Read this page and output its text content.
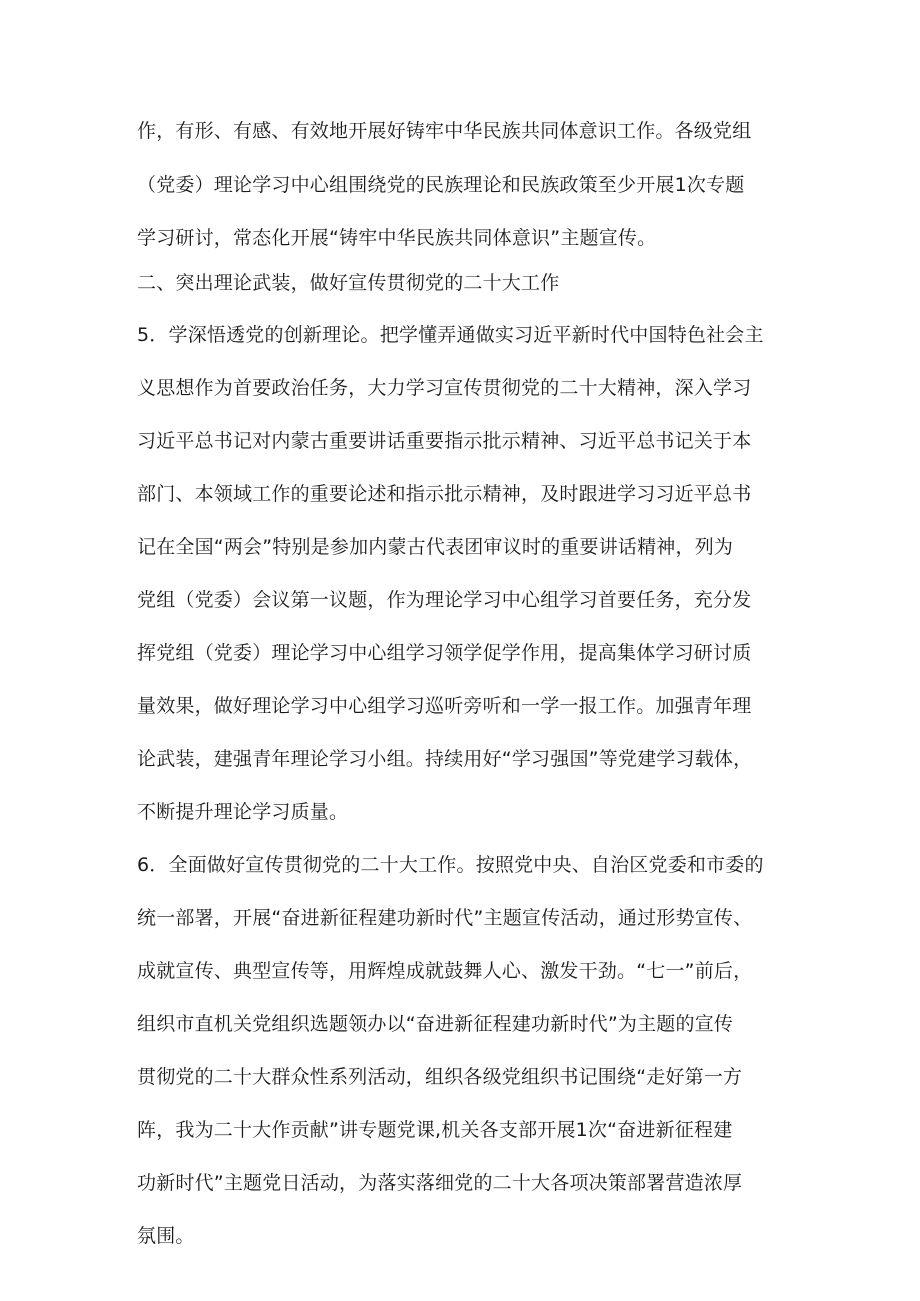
作，有形、有感、有效地开展好铸牢中华民族共同体意识工作。各级党组
（党委）理论学习中心组围绕党的民族理论和民族政策至少开展1次专题
学习研讨，常态化开展“铸牢中华民族共同体意识”主题宣传。
二、突出理论武装，做好宣传贯彻党的二十大工作
5．学深悟透党的创新理论。把学懂弄通做实习近平新时代中国特色社会主
义思想作为首要政治任务，大力学习宣传贯彻党的二十大精神，深入学习
习近平总书记对内蒙古重要讲话重要指示批示精神、习近平总书记关于本
部门、本领域工作的重要论述和指示批示精神，及时跟进学习习近平总书
记在全国“两会”特别是参加内蒙古代表团审议时的重要讲话精神，列为
党组（党委）会议第一议题，作为理论学习中心组学习首要任务，充分发
挥党组（党委）理论学习中心组学习领学促学作用，提高集体学习研讨质
量效果，做好理论学习中心组学习巡听旁听和一学一报工作。加强青年理
论武装，建强青年理论学习小组。持续用好“学习强国”等党建学习载体，
不断提升理论学习质量。
6．全面做好宣传贯彻党的二十大工作。按照党中央、自治区党委和市委的
统一部署，开展“奋进新征程建功新时代”主题宣传活动，通过形势宣传、
成就宣传、典型宣传等，用辉煌成就鼓舞人心、激发干劲。“七一”前后，
组织市直机关党组织选题领办以“奋进新征程建功新时代”为主题的宣传
贯彻党的二十大群众性系列活动，组织各级党组织书记围绕“走好第一方
阵，我为二十大作贡献”讲专题党课,机关各支部开展1次“奋进新征程建
功新时代”主题党日活动，为落实落细党的二十大各项决策部署营造浓厚
氛围。
